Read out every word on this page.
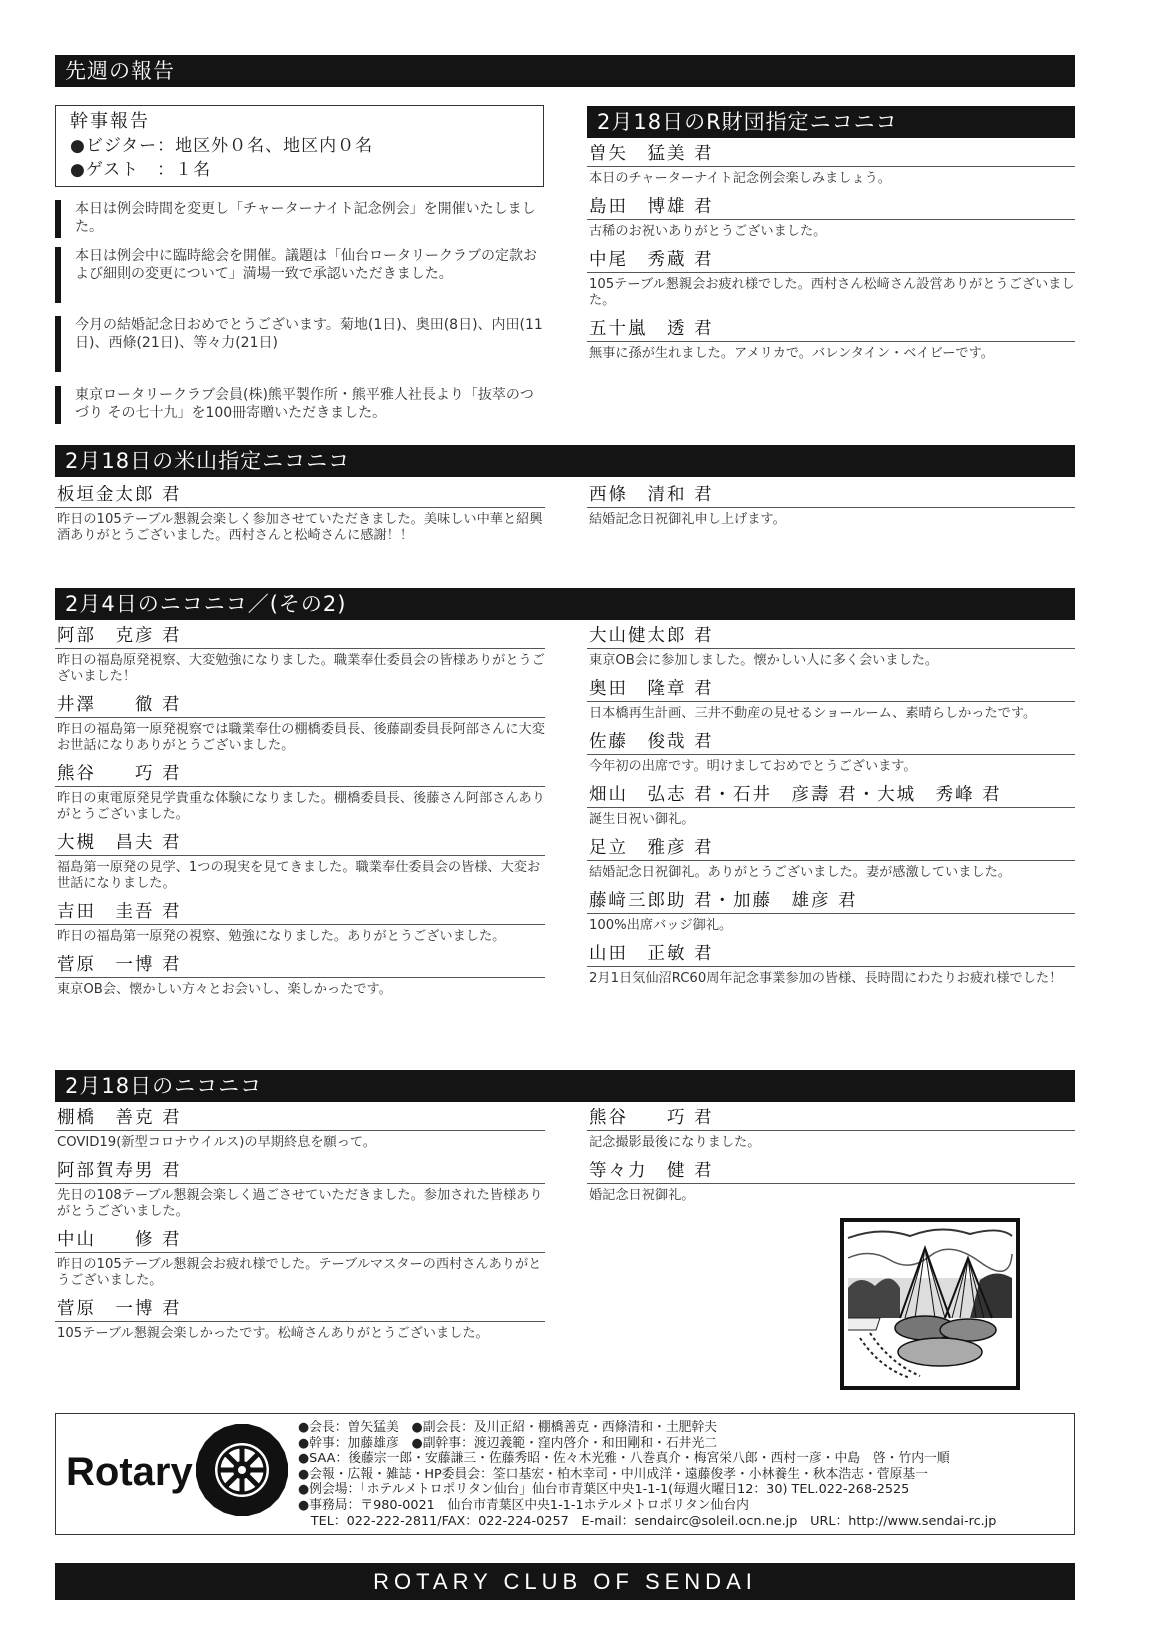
先週の報告
幹事報告
●ビジター：地区外０名、地区内０名
●ゲスト　：１名
本日は例会時間を変更し「チャーターナイト記念例会」を開催いたしました。
本日は例会中に臨時総会を開催。議題は「仙台ロータリークラブの定款および細則の変更について」満場一致で承認いただきました。
今月の結婚記念日おめでとうございます。菊地(1日)、奥田(8日)、内田(11日)、西條(21日)、等々力(21日)
東京ロータリークラブ会員(株)熊平製作所・熊平雅人社長より「抜萃のつづり その七十九」を100冊寄贈いただきました。
2月18日のR財団指定ニコニコ
曽矢　猛美 君
本日のチャーターナイト記念例会楽しみましょう。
島田　博雄 君
古稀のお祝いありがとうございました。
中尾　秀蔵 君
105テーブル懇親会お疲れ様でした。西村さん松﨑さん設営ありがとうございました。
五十嵐　透 君
無事に孫が生れました。アメリカで。バレンタイン・ベイビーです。
2月18日の米山指定ニコニコ
板垣金太郎 君
昨日の105テーブル懇親会楽しく参加させていただきました。美味しい中華と紹興酒ありがとうございました。西村さんと松崎さんに感謝！！
西條　清和 君
結婚記念日祝御礼申し上げます。
2月4日のニコニコ／(その2)
阿部　克彦 君
昨日の福島原発視察、大変勉強になりました。職業奉仕委員会の皆様ありがとうございました！
井澤　　徹 君
昨日の福島第一原発視察では職業奉仕の棚橋委員長、後藤副委員長阿部さんに大変お世話になりありがとうございました。
熊谷　　巧 君
昨日の東電原発見学貴重な体験になりました。棚橋委員長、後藤さん阿部さんありがとうございました。
大槻　昌夫 君
福島第一原発の見学、1つの現実を見てきました。職業奉仕委員会の皆様、大変お世話になりました。
吉田　圭吾 君
昨日の福島第一原発の視察、勉強になりました。ありがとうございました。
菅原　一博 君
東京OB会、懐かしい方々とお会いし、楽しかったです。
大山健太郎 君
東京OB会に参加しました。懐かしい人に多く会いました。
奥田　隆章 君
日本橋再生計画、三井不動産の見せるショールーム、素晴らしかったです。
佐藤　俊哉 君
今年初の出席です。明けましておめでとうございます。
畑山　弘志 君・石井　彦壽 君・大城　秀峰 君
誕生日祝い御礼。
足立　雅彦 君
結婚記念日祝御礼。ありがとうございました。妻が感激していました。
藤﨑三郎助 君・加藤　雄彦 君
100%出席バッジ御礼。
山田　正敏 君
2月1日気仙沼RC60周年記念事業参加の皆様、長時間にわたりお疲れ様でした！
2月18日のニコニコ
棚橋　善克 君
COVID19(新型コロナウイルス)の早期終息を願って。
阿部賀寿男 君
先日の108テーブル懇親会楽しく過ごさせていただきました。参加された皆様ありがとうございました。
中山　　修 君
昨日の105テーブル懇親会お疲れ様でした。テーブルマスターの西村さんありがとうございました。
菅原　一博 君
105テーブル懇親会楽しかったです。松﨑さんありがとうございました。
熊谷　　巧 君
記念撮影最後になりました。
等々力　健 君
婚記念日祝御礼。
Rotary
●会長：曽矢猛美　●副会長：及川正紹・棚橋善克・西條清和・土肥幹夫
●幹事：加藤雄彦　●副幹事：渡辺義範・窪内啓介・和田剛和・石井光二
●SAA：後藤宗一郎・安藤謙三・佐藤秀昭・佐々木光雅・八巻真介・梅宮栄八郎・西村一彦・中島　啓・竹内一順
●会報・広報・雑誌・HP委員会：筌口基宏・柏木幸司・中川成洋・遠藤俊孝・小林養生・秋本浩志・菅原基一
●例会場：「ホテルメトロポリタン仙台」仙台市青葉区中央1-1-1(毎週火曜日12：30) TEL.022-268-2525
●事務局：〒980-0021　仙台市青葉区中央1-1-1ホテルメトロポリタン仙台内
　TEL：022-222-2811/FAX：022-224-0257　E-mail：sendairc@soleil.ocn.ne.jp　URL：http://www.sendai-rc.jp
ROTARY CLUB OF SENDAI
